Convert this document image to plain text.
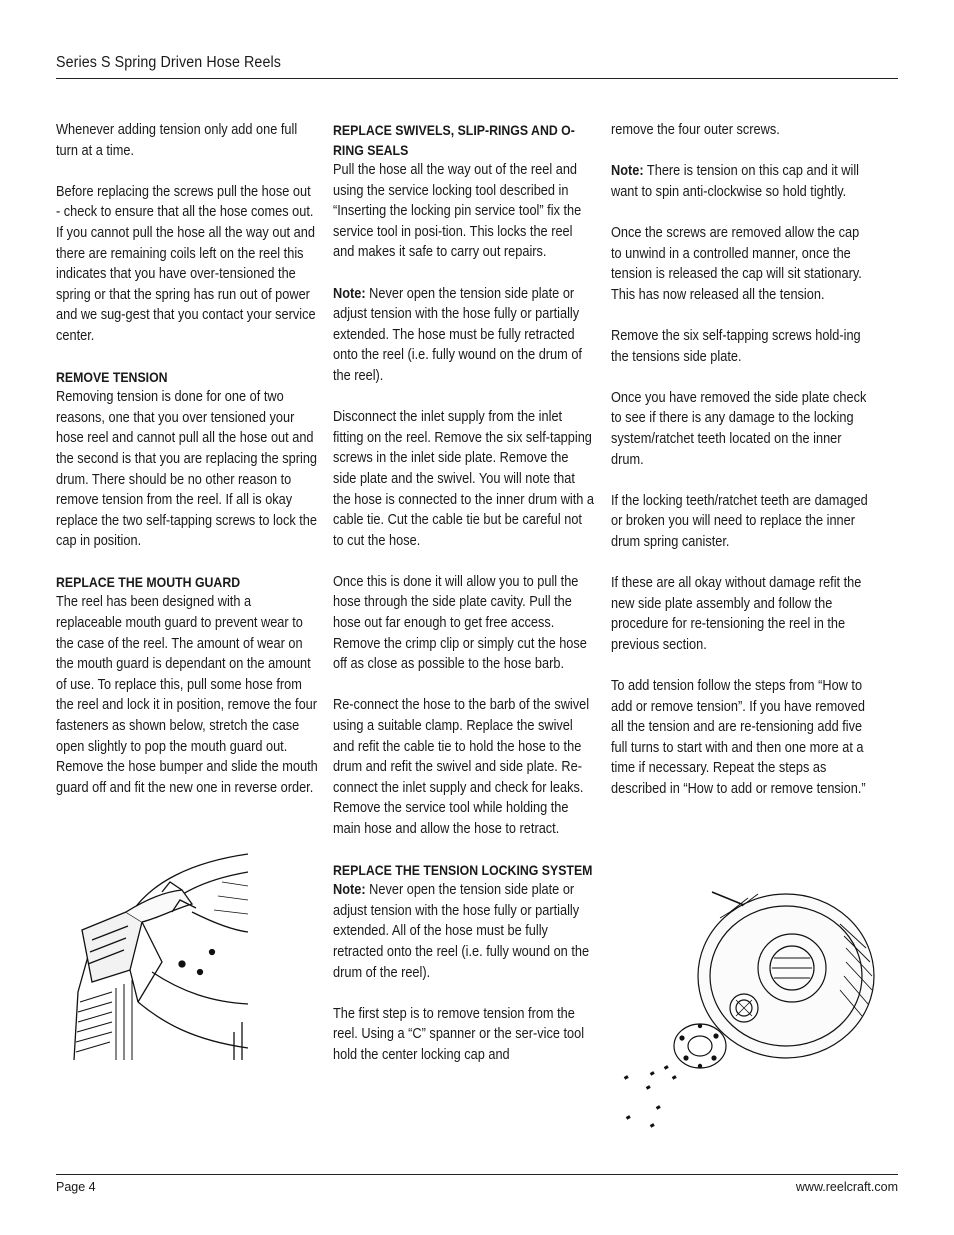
Series S Spring Driven Hose Reels

Whenever adding tension only add one full turn at a time.

Before replacing the screws pull the hose out - check to ensure that all the hose comes out. If you cannot pull the hose all the way out and there are remaining coils left on the reel this indicates that you have over-tensioned the spring or that the spring has run out of power and we sug-gest that you contact your service center.

REMOVE TENSION

Removing tension is done for one of two reasons, one that you over tensioned your hose reel and cannot pull all the hose out and the second is that you are replacing the spring drum. There should be no other reason to remove tension from the reel. If all is okay replace the two self-tapping screws to lock the cap in position.

REPLACE THE MOUTH GUARD

The reel has been designed with a replaceable mouth guard to prevent wear to the case of the reel. The amount of wear on the mouth guard is dependant on the amount of use. To replace this, pull some hose from the reel and lock it in position, remove the four fasteners as shown below, stretch the case open slightly to pop the mouth guard out. Remove the hose bumper and slide the mouth guard off and fit the new one in reverse order.

REPLACE SWIVELS, SLIP-RINGS AND O-RING SEALS

Pull the hose all the way out of the reel and using the service locking tool described in “Inserting the locking pin service tool” fix the service tool in posi-tion. This locks the reel and makes it safe to carry out repairs.

Note: Never open the tension side plate or adjust tension with the hose fully or partially extended. The hose must be fully retracted onto the reel (i.e. fully wound on the drum of the reel).

Disconnect the inlet supply from the inlet fitting on the reel. Remove the six self-tapping screws in the inlet side plate. Remove the side plate and the swivel. You will note that the hose is connected to the inner drum with a cable tie. Cut the cable tie but be careful not to cut the hose.

Once this is done it will allow you to pull the hose through the side plate cavity. Pull the hose out far enough to get free access. Remove the crimp clip or simply cut the hose off as close as possible to the hose barb.

Re-connect the hose to the barb of the swivel using a suitable clamp. Replace the swivel and refit the cable tie to hold the hose to the drum and refit the swivel and side plate. Re-connect the inlet supply and check for leaks. Remove the service tool while holding the main hose and allow the hose to retract.

REPLACE THE TENSION LOCKING SYSTEM

Note: Never open the tension side plate or adjust tension with the hose fully or partially extended. All of the hose must be fully retracted onto the reel (i.e. fully wound on the drum of the reel).

The first step is to remove tension from the reel. Using a “C” spanner or the ser-vice tool hold the center locking cap and

remove the four outer screws.

Note: There is tension on this cap and it will want to spin anti-clockwise so hold tightly.

Once the screws are removed allow the cap to unwind in a controlled manner, once the tension is released the cap will sit stationary. This has now released all the tension.

Remove the six self-tapping screws hold-ing the tensions side plate.

Once you have removed the side plate check to see if there is any damage to the locking system/ratchet teeth located on the inner drum.

If the locking teeth/ratchet teeth are damaged or broken you will need to replace the inner drum spring canister.

If these are all okay without damage refit the new side plate assembly and follow the procedure for re-tensioning the reel in the previous section.

To add tension follow the steps from “How to add or remove tension”. If you have removed all the tension and are re-tensioning add five full turns to start with and then one more at a time if necessary. Repeat the steps as described in “How to add or remove tension.”

Page 4	www.reelcraft.com
